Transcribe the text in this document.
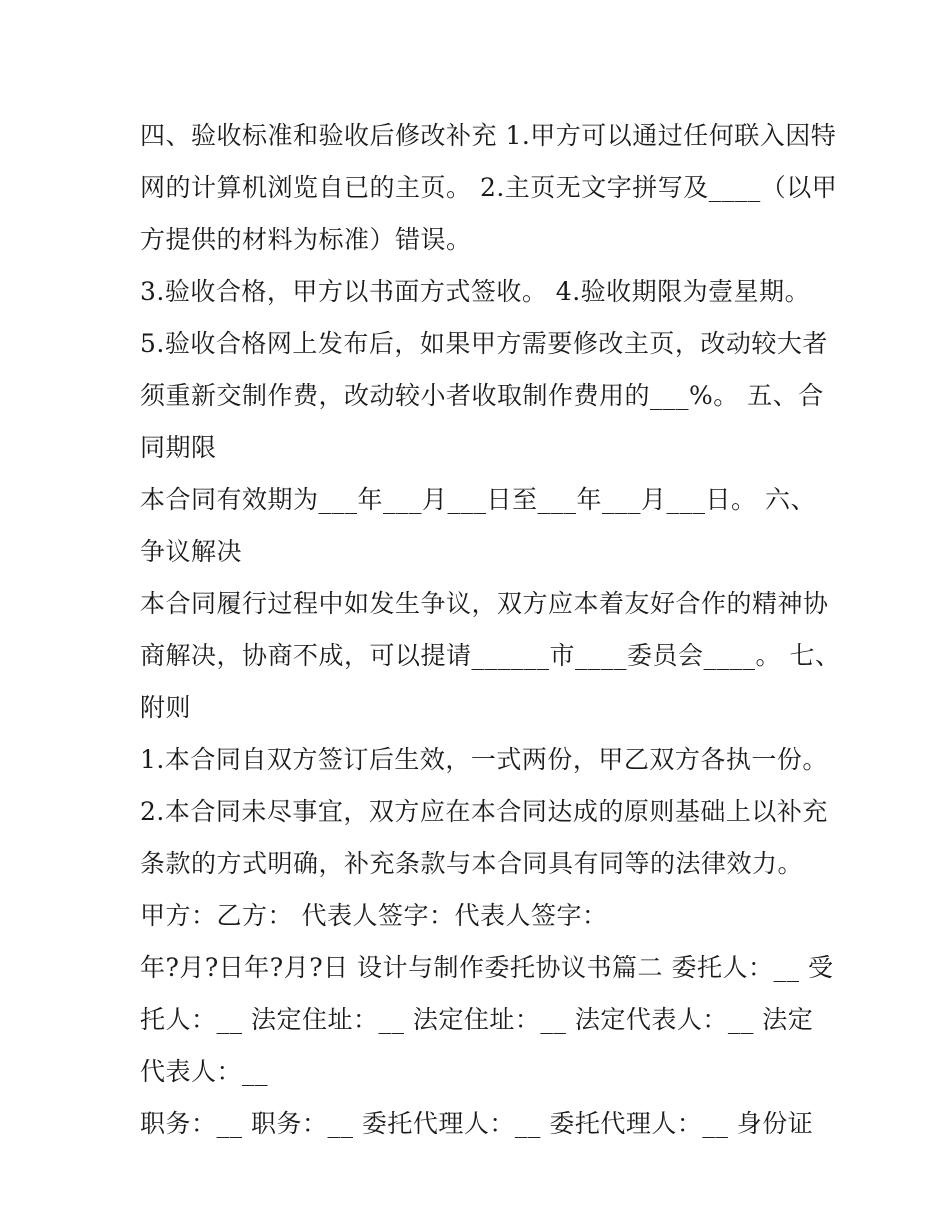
四、验收标准和验收后修改补充 1.甲方可以通过任何联入因特
网的计算机浏览自已的主页。 2.主页无文字拼写及____（以甲
方提供的材料为标准）错误。
3.验收合格，甲方以书面方式签收。 4.验收期限为壹星期。
5.验收合格网上发布后，如果甲方需要修改主页，改动较大者
须重新交制作费，改动较小者收取制作费用的___%。 五、合
同期限
本合同有效期为___年___月___日至___年___月___日。 六、
争议解决
本合同履行过程中如发生争议，双方应本着友好合作的精神协
商解决，协商不成，可以提请______市____委员会____。 七、
附则
1.本合同自双方签订后生效，一式两份，甲乙双方各执一份。
2.本合同未尽事宜，双方应在本合同达成的原则基础上以补充
条款的方式明确，补充条款与本合同具有同等的法律效力。
甲方：乙方： 代表人签字：代表人签字：
年?月?日年?月?日 设计与制作委托协议书篇二 委托人：__ 受
托人：__ 法定住址：__ 法定住址：__ 法定代表人：__ 法定
代表人：__
职务：__ 职务：__ 委托代理人：__ 委托代理人：__ 身份证
